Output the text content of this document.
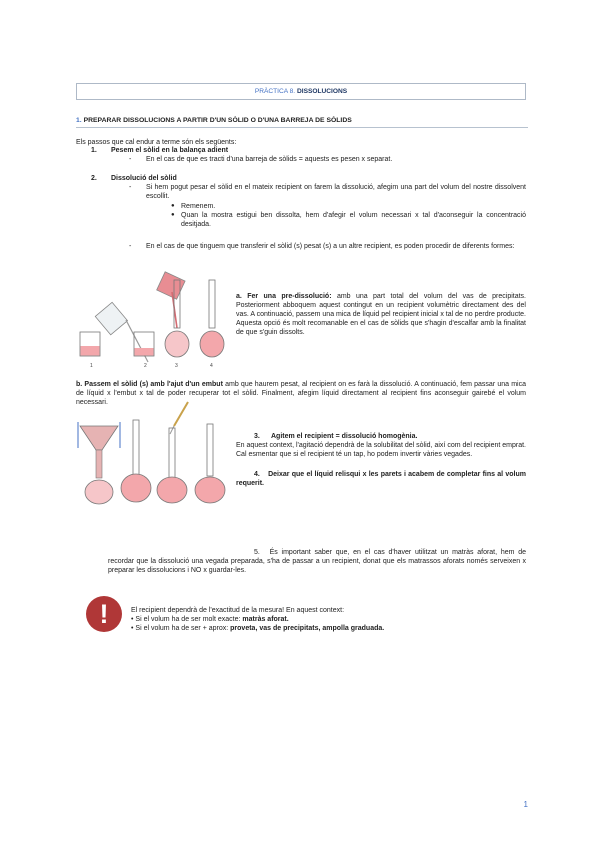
PRÀCTICA 8. DISSOLUCIONS
1. PREPARAR DISSOLUCIONS A PARTIR D'UN SÒLID O D'UNA BARREJA DE SÒLIDS
Els passos que cal endur a terme són els següents:
1. Pesem el sòlid en la balança adient
- En el cas de que es tracti d'una barreja de sòlids = aquests es pesen x separat.
2. Dissolució del sòlid
- Si hem pogut pesar el sòlid en el mateix recipient on farem la dissolució, afegim una part del volum del nostre dissolvent escollit.
● Remenem.
● Quan la mostra estigui ben dissolta, hem d'afegir el volum necessari x tal d'aconseguir la concentració desitjada.
- En el cas de que tinguem que transferir el sòlid (s) pesat (s) a un altre recipient, es poden procedir de diferents formes:
1	2	3	4
a. Fer una pre-dissolució: amb una part total del volum del vas de precipitats. Posteriorment abboquem aquest contingut en un recipient volumètric directament des del vas. A continuació, passem una mica de líquid pel recipient inicial x tal de no perdre producte. Aquesta opció és molt recomanable en el cas de sòlids que s'hagin d'escalfar amb la finalitat de que s'guin dissolts.
b. Passem el sòlid (s) amb l'ajut d'un embut amb que haurem pesat, al recipient on es farà la dissolució. A continuació, fem passar una mica de líquid x l'embut x tal de poder recuperar tot el sòlid. Finalment, afegim líquid directament al recipient fins aconseguir gairebé el volum necessari.
3. Agitem el recipient = dissolució homogènia.
En aquest context, l'agitació dependrà de la solubilitat del sòlid, així com del recipient emprat. Cal esmentar que si el recipient té un tap, ho podem invertir vàries vegades.
4. Deixar que el líquid relisqui x les parets i acabem de completar fins al volum requerit.
5. És important saber que, en el cas d'haver utilitzat un matràs aforat, hem de recordar que la dissolució una vegada preparada, s'ha de passar a un recipient, donat que els matrassos aforats només serveixen x preparar les dissolucions i NO x guardar-les.
!	El recipient dependrà de l'exactitud de la mesura! En aquest context:
• Si el volum ha de ser molt exacte: matràs aforat.
• Si el volum ha de ser + aprox: proveta, vas de precipitats, ampolla graduada.
1
